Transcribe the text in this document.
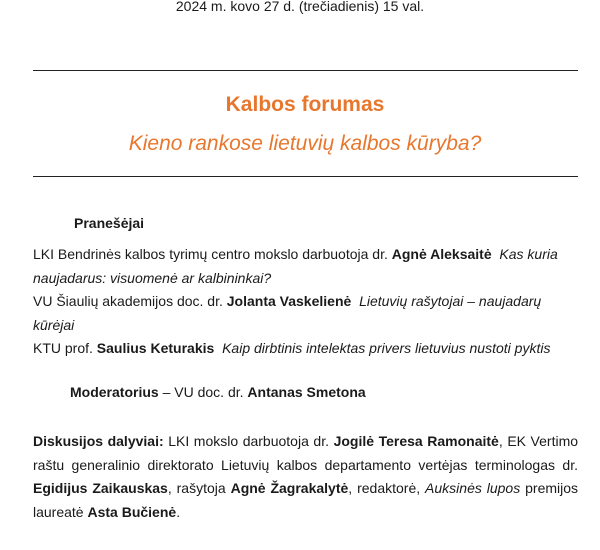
2024 m. kovo 27 d. (trečiadienis) 15 val.
Kalbos forumas
Kieno rankose lietuvių kalbos kūryba?
Pranešėjai

LKI Bendrinės kalbos tyrimų centro mokslo darbuotoja dr. Agnė Aleksaitė Kas kuria naujadarus: visuomenė ar kalbininkai?

VU Šiaulių akademijos doc. dr. Jolanta Vaskelienė Lietuvių rašytojai – naujadarų kūrėjai

KTU prof. Saulius Keturakis Kaip dirbtinis intelektas privers lietuvius nustoti pyktis

Moderatorius – VU doc. dr. Antanas Smetona

Diskusijos dalyviai: LKI mokslo darbuotoja dr. Jogilė Teresa Ramonaitė, EK Vertimo raštu generalinio direktorato Lietuvių kalbos departamento vertėjas terminologas dr. Egidijus Zaikauskas, rašytoja Agnė Žagrakalytė, redaktorė, Auksinės lupos premijos laureatė Asta Bučienė.
